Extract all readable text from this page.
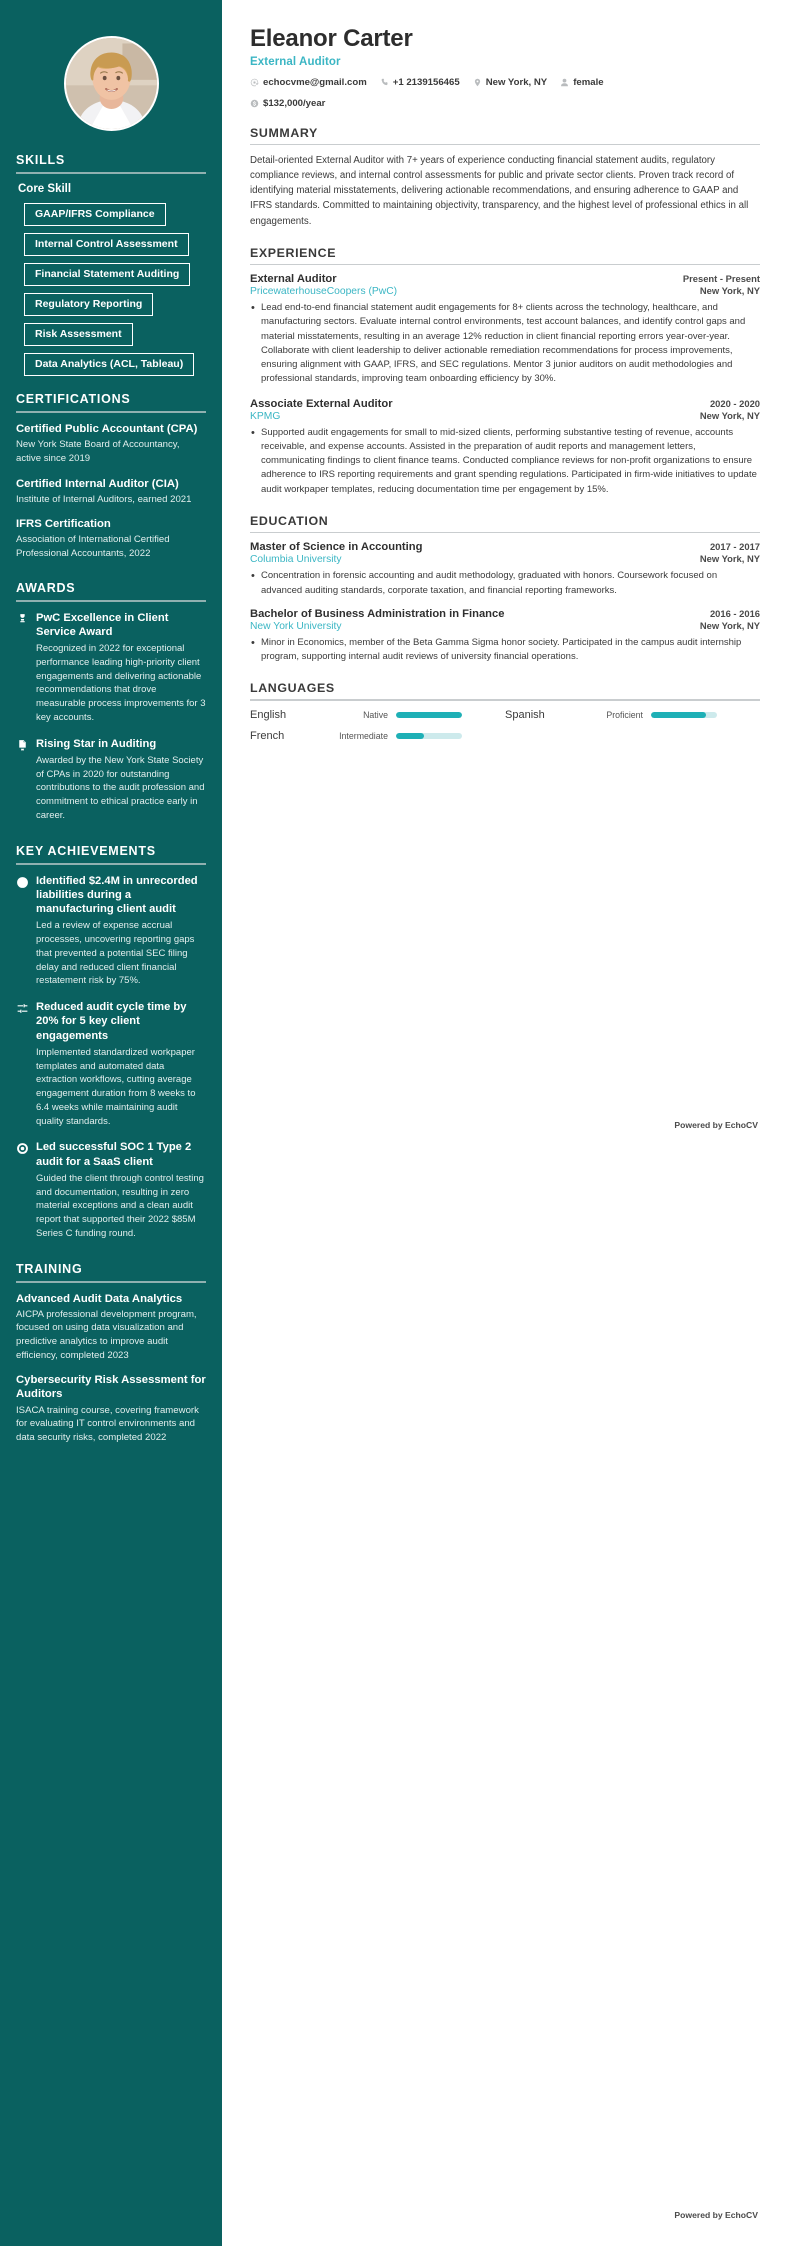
SKILLS
Core Skill
GAAP/IFRS Compliance
Internal Control Assessment
Financial Statement Auditing
Regulatory Reporting
Risk Assessment
Data Analytics (ACL, Tableau)
CERTIFICATIONS
Certified Public Accountant (CPA)
New York State Board of Accountancy, active since 2019
Certified Internal Auditor (CIA)
Institute of Internal Auditors, earned 2021
IFRS Certification
Association of International Certified Professional Accountants, 2022
AWARDS
PwC Excellence in Client Service Award
Recognized in 2022 for exceptional performance leading high-priority client engagements and delivering actionable recommendations that drove measurable process improvements for 3 key accounts.
Rising Star in Auditing
Awarded by the New York State Society of CPAs in 2020 for outstanding contributions to the audit profession and commitment to ethical practice early in career.
KEY ACHIEVEMENTS
Identified $2.4M in unrecorded liabilities during a manufacturing client audit
Led a review of expense accrual processes, uncovering reporting gaps that prevented a potential SEC filing delay and reduced client financial restatement risk by 75%.
Reduced audit cycle time by 20% for 5 key client engagements
Implemented standardized workpaper templates and automated data extraction workflows, cutting average engagement duration from 8 weeks to 6.4 weeks while maintaining audit quality standards.
Led successful SOC 1 Type 2 audit for a SaaS client
Guided the client through control testing and documentation, resulting in zero material exceptions and a clean audit report that supported their 2022 $85M Series C funding round.
TRAINING
Advanced Audit Data Analytics
AICPA professional development program, focused on using data visualization and predictive analytics to improve audit efficiency, completed 2023
Cybersecurity Risk Assessment for Auditors
ISACA training course, covering framework for evaluating IT control environments and data security risks, completed 2022
Eleanor Carter
External Auditor
echocvme@gmail.com	+1 2139156465	New York, NY	female
$132,000/year
SUMMARY

Detail-oriented External Auditor with 7+ years of experience conducting financial statement audits, regulatory compliance reviews, and internal control assessments for public and private sector clients. Proven track record of identifying material misstatements, delivering actionable recommendations, and ensuring adherence to GAAP and IFRS standards. Committed to maintaining objectivity, transparency, and the highest level of professional ethics in all engagements.

EXPERIENCE
External Auditor	Present - Present
PricewaterhouseCoopers (PwC)	New York, NY
• Lead end-to-end financial statement audit engagements for 8+ clients across the technology, healthcare, and manufacturing sectors. Evaluate internal control environments, test account balances, and identify control gaps and material misstatements, resulting in an average 12% reduction in client financial reporting errors year-over-year. Collaborate with client leadership to deliver actionable remediation recommendations for process improvements, ensuring alignment with GAAP, IFRS, and SEC regulations. Mentor 3 junior auditors on audit methodologies and professional standards, improving team onboarding efficiency by 30%.
Associate External Auditor	2020 - 2020
KPMG	New York, NY
• Supported audit engagements for small to mid-sized clients, performing substantive testing of revenue, accounts receivable, and expense accounts. Assisted in the preparation of audit reports and management letters, communicating findings to client finance teams. Conducted compliance reviews for non-profit organizations to ensure adherence to IRS reporting requirements and grant spending regulations. Participated in firm-wide initiatives to update audit workpaper templates, reducing documentation time per engagement by 15%.
EDUCATION
Master of Science in Accounting	2017 - 2017
Columbia University	New York, NY
• Concentration in forensic accounting and audit methodology, graduated with honors. Coursework focused on advanced auditing standards, corporate taxation, and financial reporting frameworks.
Bachelor of Business Administration in Finance	2016 - 2016
New York University	New York, NY
• Minor in Economics, member of the Beta Gamma Sigma honor society. Participated in the campus audit internship program, supporting internal audit reviews of university financial operations.
LANGUAGES
English	Native	Spanish	Proficient
French	Intermediate
Powered by EchoCV
Powered by EchoCV
